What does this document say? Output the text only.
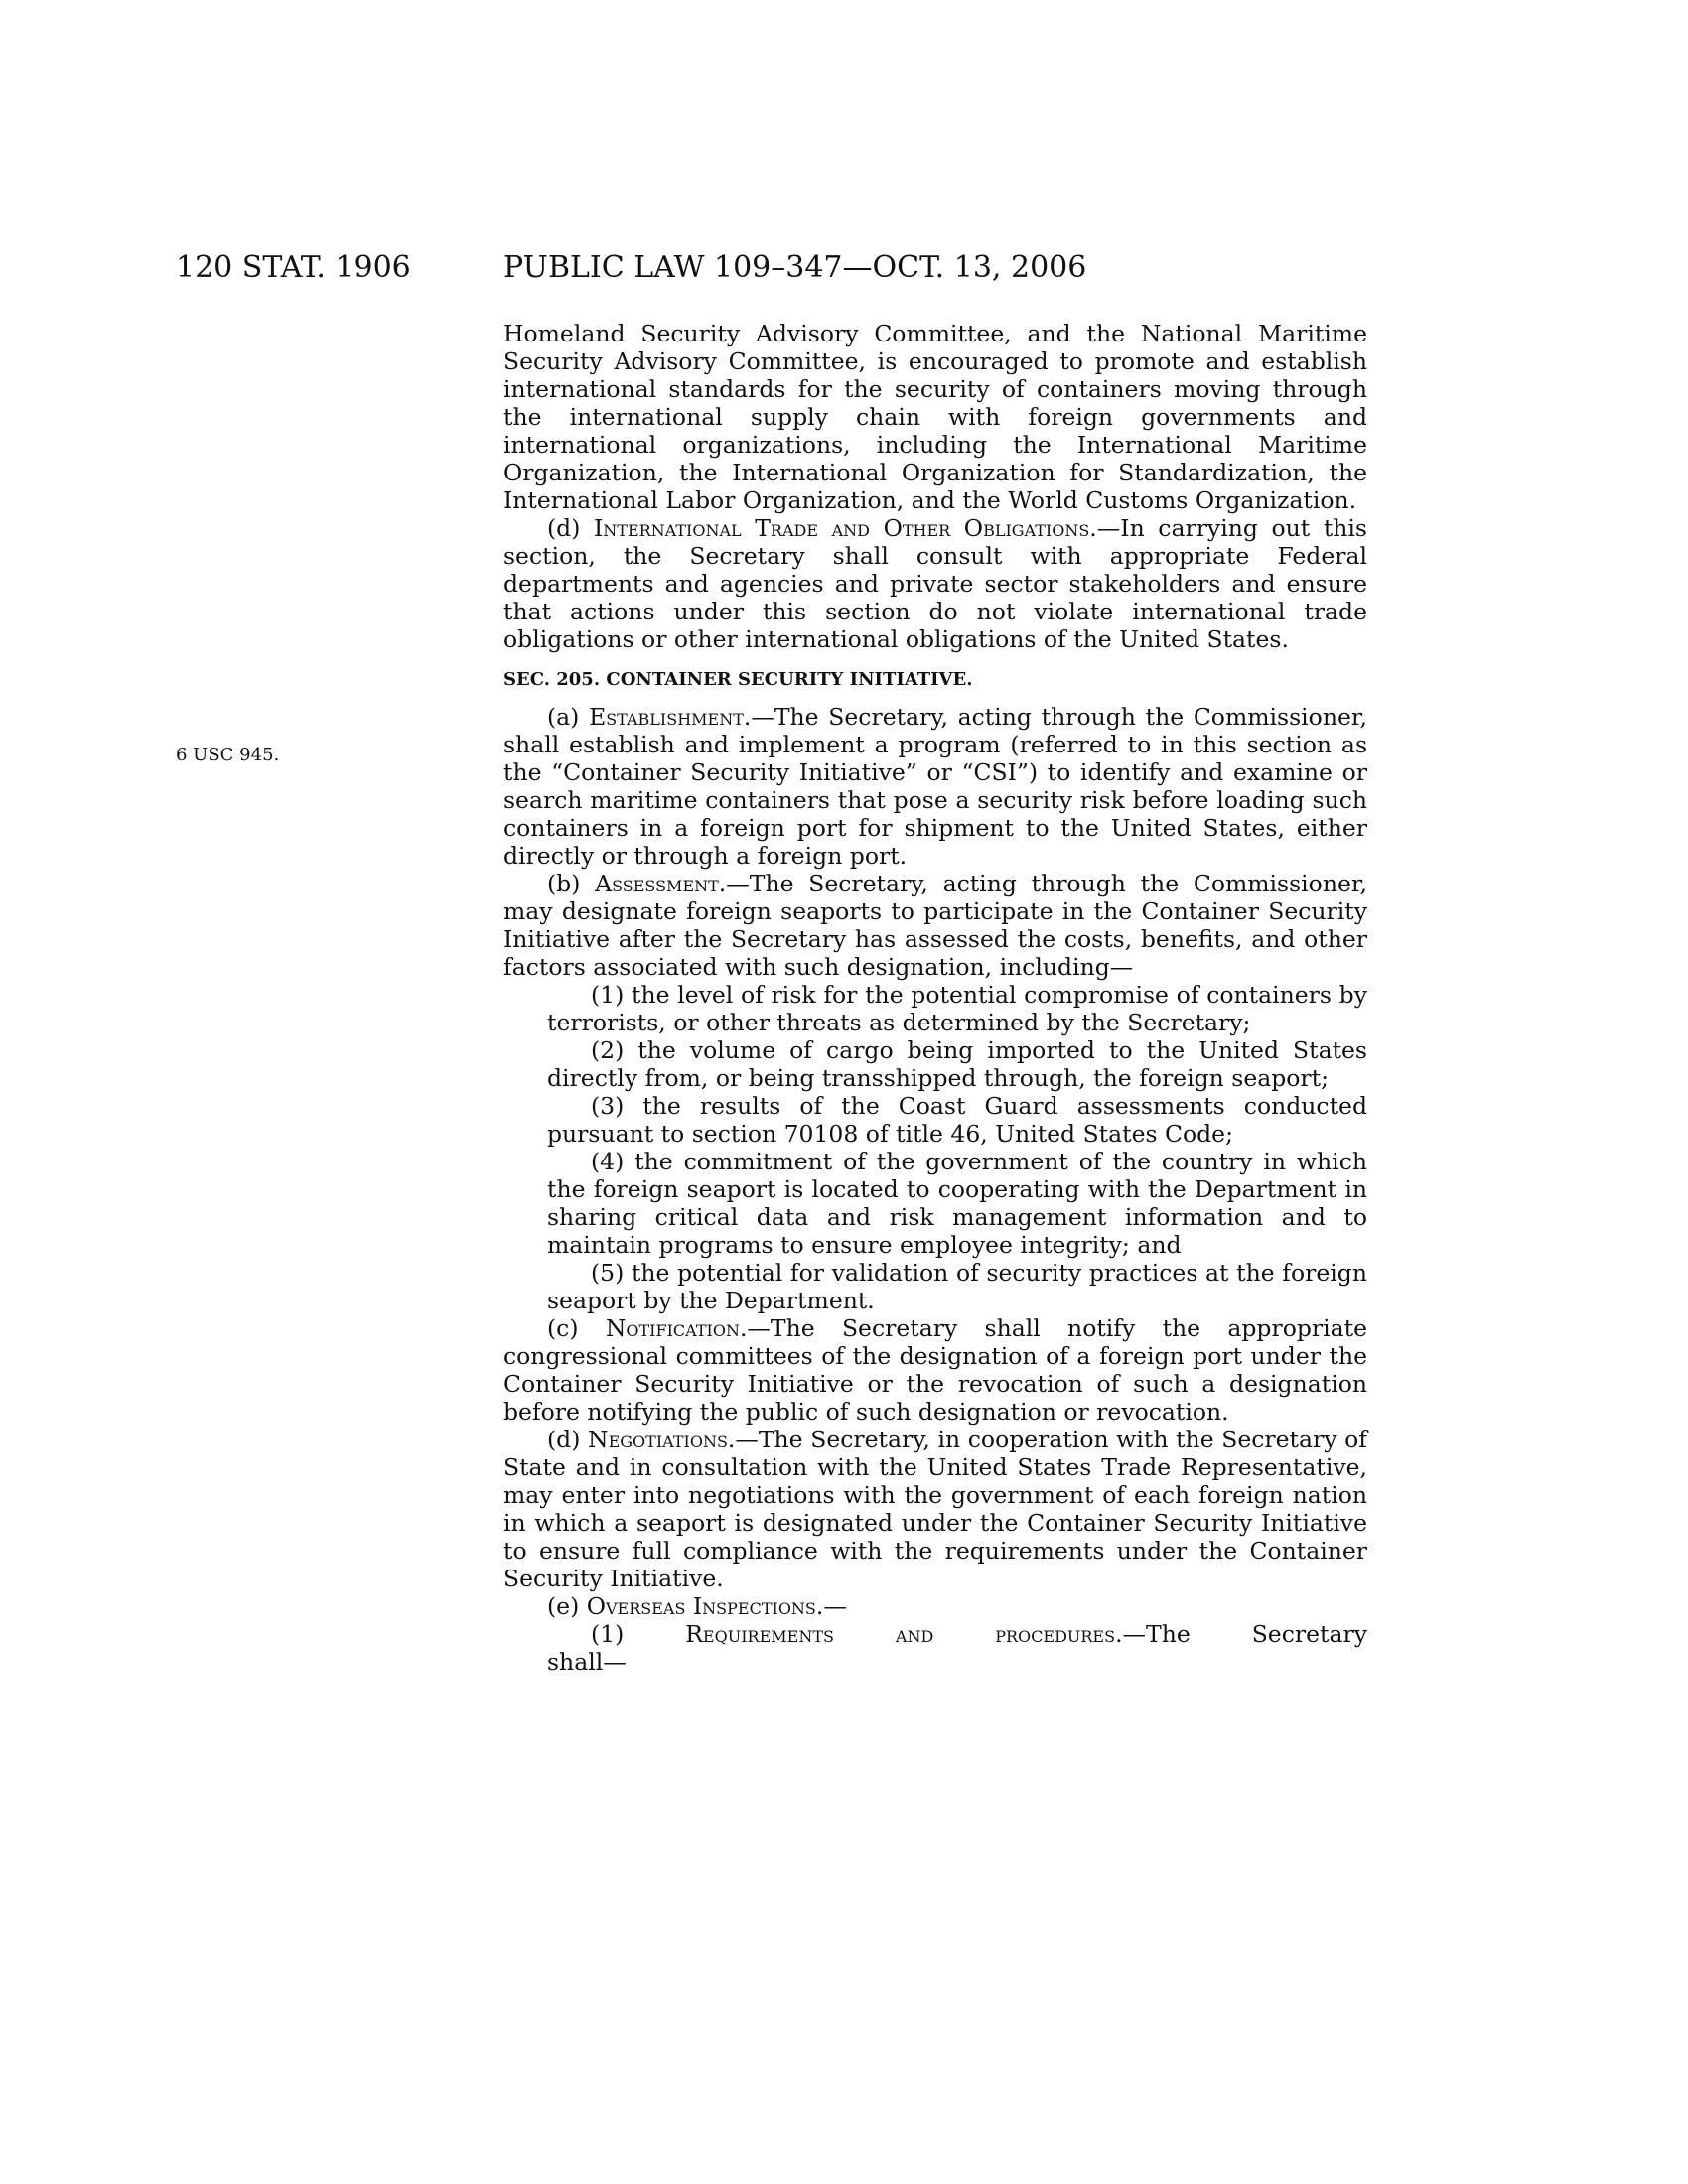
120 STAT. 1906	PUBLIC LAW 109–347—OCT. 13, 2006
6 USC 945.

Homeland Security Advisory Committee, and the National Maritime Security Advisory Committee, is encouraged to promote and establish international standards for the security of containers moving through the international supply chain with foreign governments and international organizations, including the International Maritime Organization, the International Organization for Standardization, the International Labor Organization, and the World Customs Organization.

(d) International Trade and Other Obligations.—In carrying out this section, the Secretary shall consult with appropriate Federal departments and agencies and private sector stakeholders and ensure that actions under this section do not violate international trade obligations or other international obligations of the United States.

SEC. 205. CONTAINER SECURITY INITIATIVE.

(a) Establishment.—The Secretary, acting through the Commissioner, shall establish and implement a program (referred to in this section as the “Container Security Initiative” or “CSI”) to identify and examine or search maritime containers that pose a security risk before loading such containers in a foreign port for shipment to the United States, either directly or through a foreign port.

(b) Assessment.—The Secretary, acting through the Commissioner, may designate foreign seaports to participate in the Container Security Initiative after the Secretary has assessed the costs, benefits, and other factors associated with such designation, including—

(1) the level of risk for the potential compromise of containers by terrorists, or other threats as determined by the Secretary;

(2) the volume of cargo being imported to the United States directly from, or being transshipped through, the foreign seaport;

(3) the results of the Coast Guard assessments conducted pursuant to section 70108 of title 46, United States Code;

(4) the commitment of the government of the country in which the foreign seaport is located to cooperating with the Department in sharing critical data and risk management information and to maintain programs to ensure employee integrity; and

(5) the potential for validation of security practices at the foreign seaport by the Department.

(c) Notification.—The Secretary shall notify the appropriate congressional committees of the designation of a foreign port under the Container Security Initiative or the revocation of such a designation before notifying the public of such designation or revocation.

(d) Negotiations.—The Secretary, in cooperation with the Secretary of State and in consultation with the United States Trade Representative, may enter into negotiations with the government of each foreign nation in which a seaport is designated under the Container Security Initiative to ensure full compliance with the requirements under the Container Security Initiative.

(e) Overseas Inspections.—

(1) Requirements and procedures.—The Secretary

shall—
